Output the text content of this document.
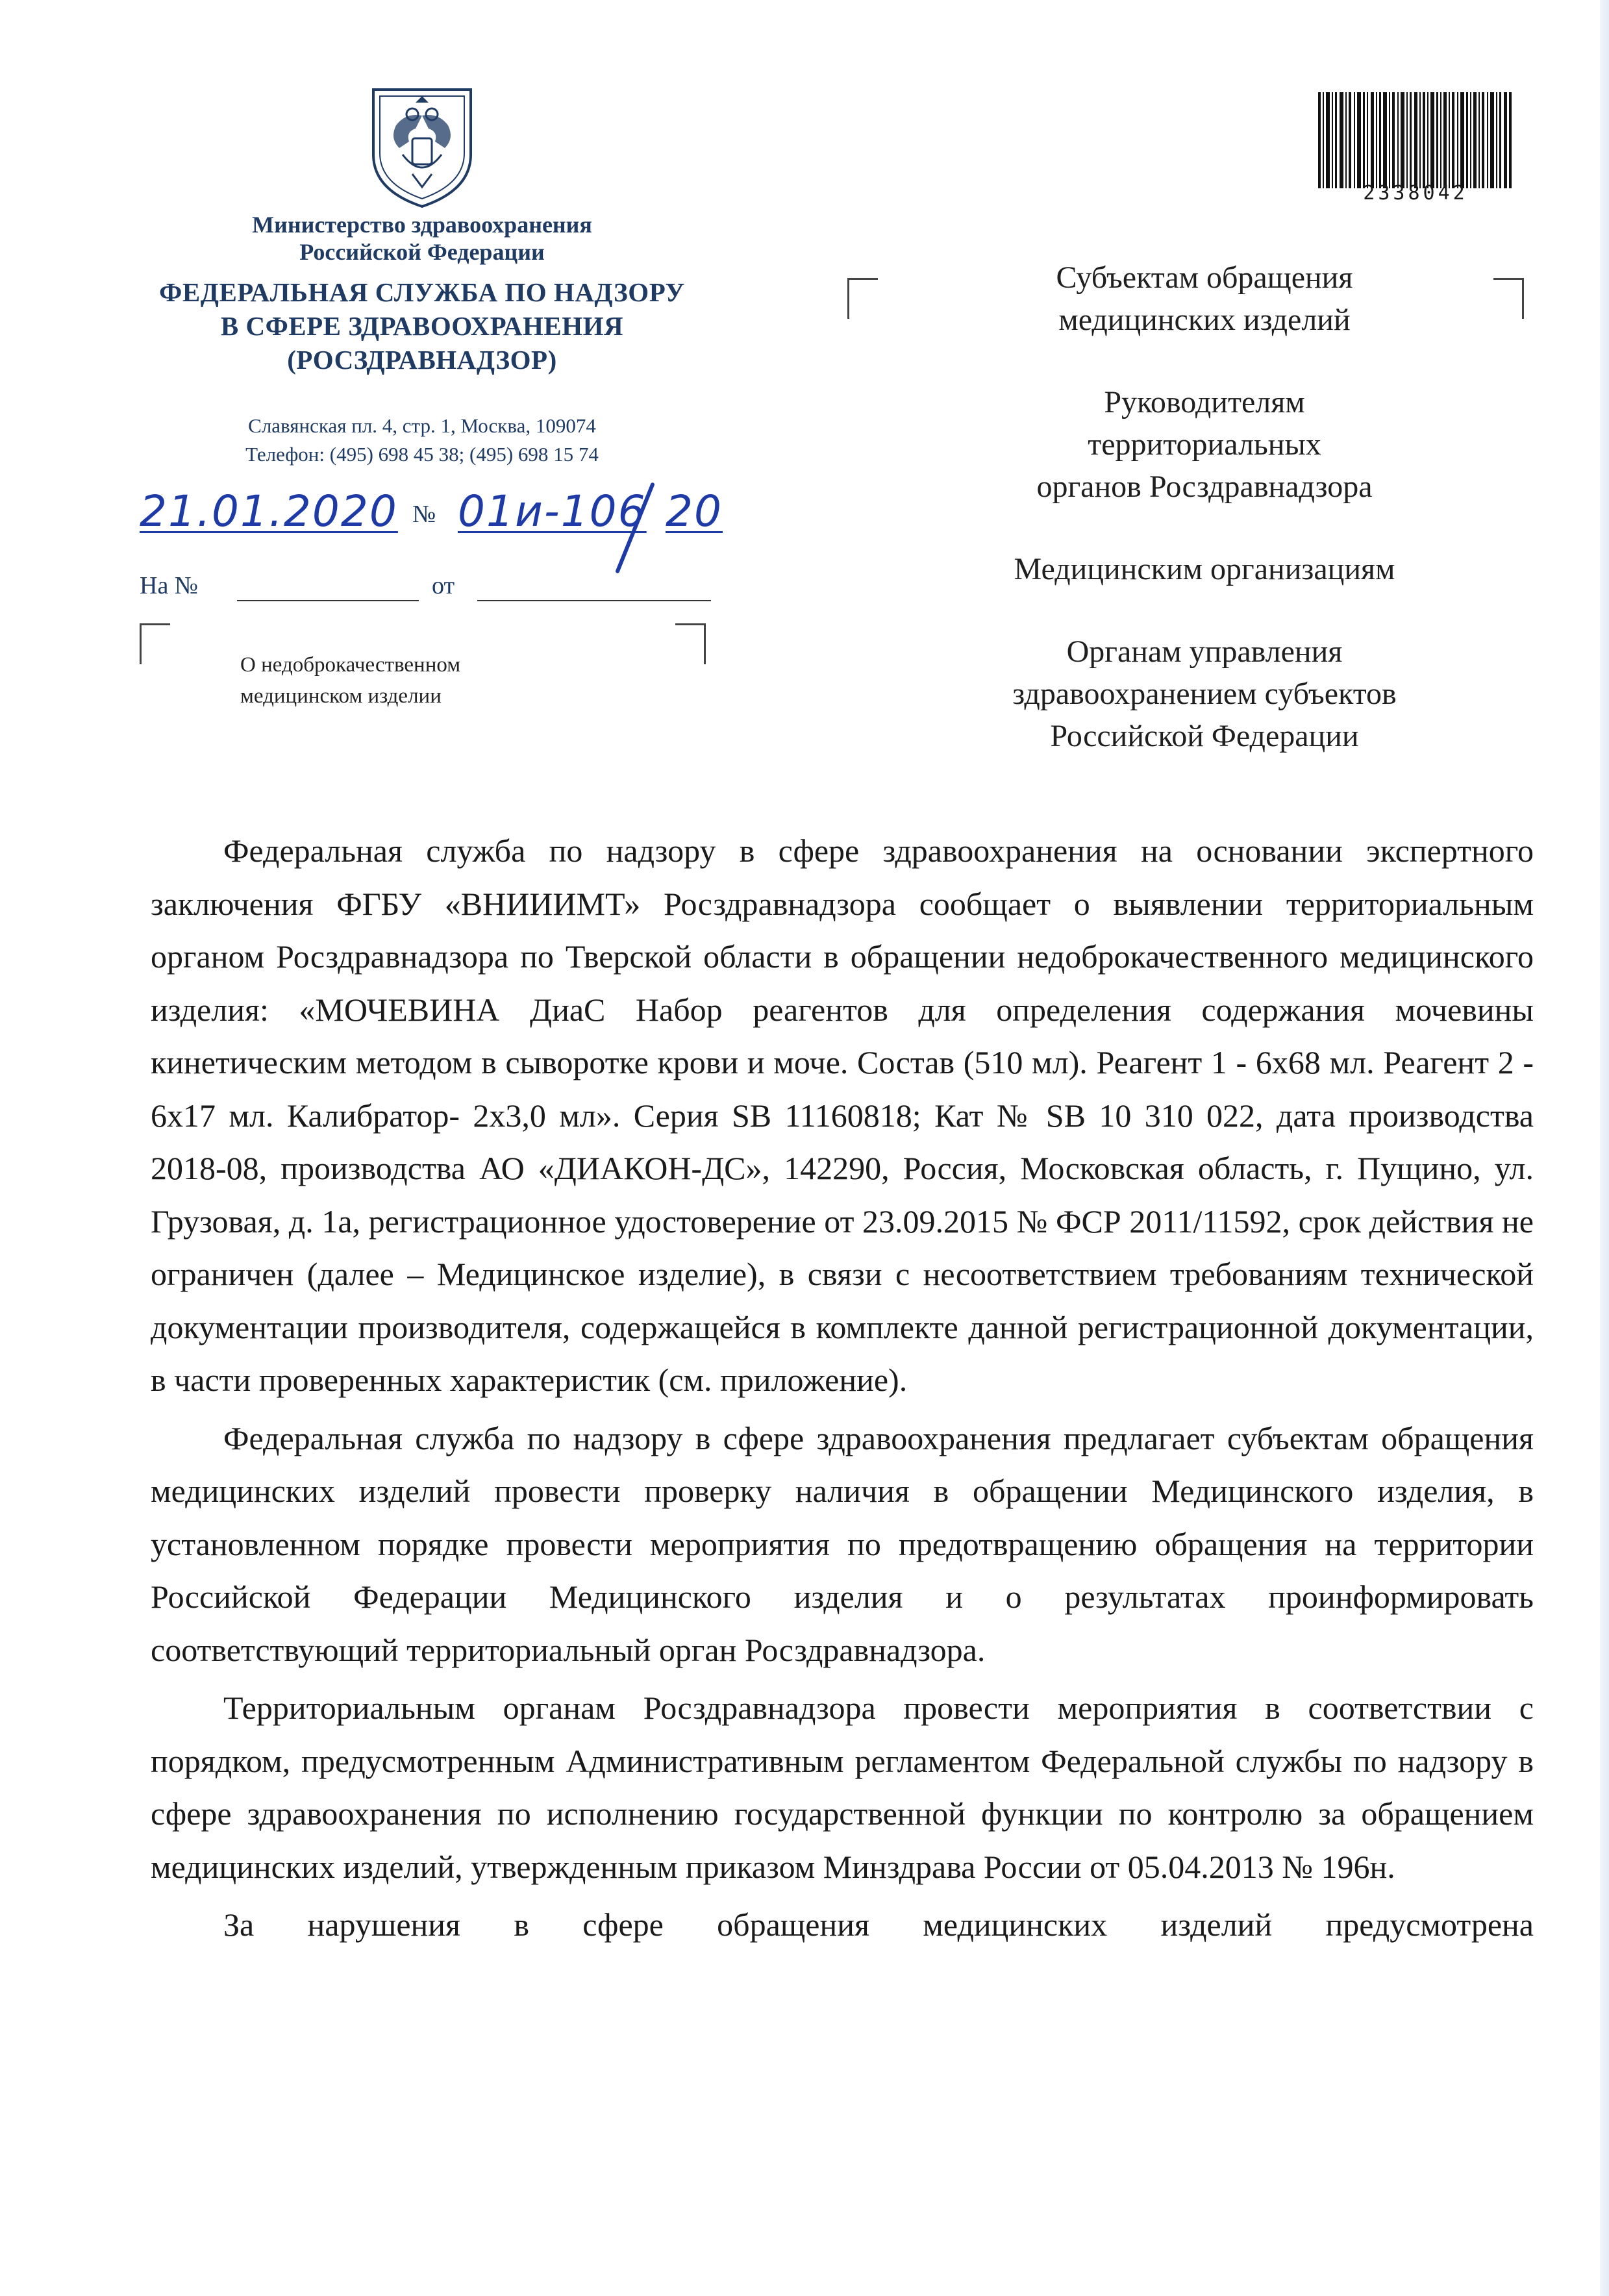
Министерство здравоохранения
Российской Федерации
ФЕДЕРАЛЬНАЯ СЛУЖБА ПО НАДЗОРУ
В СФЕРЕ ЗДРАВООХРАНЕНИЯ
(РОСЗДРАВНАДЗОР)
Славянская пл. 4, стр. 1, Москва, 109074
Телефон: (495) 698 45 38; (495) 698 15 74
21.01.2020 № 01и-106 20
На №	от
О недоброкачественном
медицинском изделии
2338042

Субъектам обращения
медицинских изделий

Руководителям
территориальных
органов Росздравнадзора

Медицинским организациям

Органам управления
здравоохранением субъектов
Российской Федерации

Федеральная служба по надзору в сфере здравоохранения на основании экспертного заключения ФГБУ «ВНИИИМТ» Росздравнадзора сообщает о выявлении территориальным органом Росздравнадзора по Тверской области в обращении недоброкачественного медицинского изделия: «МОЧЕВИНА ДиаС Набор реагентов для определения содержания мочевины кинетическим методом в сыворотке крови и моче. Состав (510 мл). Реагент 1 - 6х68 мл. Реагент 2 - 6х17 мл. Калибратор- 2х3,0 мл». Серия SB 11160818; Кат № SB 10 310 022, дата производства 2018-08, производства АО «ДИАКОН-ДС», 142290, Россия, Московская область, г. Пущино, ул. Грузовая, д. 1а, регистрационное удостоверение от 23.09.2015 № ФСР 2011/11592, срок действия не ограничен (далее – Медицинское изделие), в связи с несоответствием требованиям технической документации производителя, содержащейся в комплекте данной регистрационной документации, в части проверенных характеристик (см. приложение).

Федеральная служба по надзору в сфере здравоохранения предлагает субъектам обращения медицинских изделий провести проверку наличия в обращении Медицинского изделия, в установленном порядке провести мероприятия по предотвращению обращения на территории Российской Федерации Медицинского изделия и о результатах проинформировать соответствующий территориальный орган Росздравнадзора.

Территориальным органам Росздравнадзора провести мероприятия в соответствии с порядком, предусмотренным Административным регламентом Федеральной службы по надзору в сфере здравоохранения по исполнению государственной функции по контролю за обращением медицинских изделий, утвержденным приказом Минздрава России от 05.04.2013 № 196н.

За нарушения в сфере обращения медицинских изделий предусмотрена
